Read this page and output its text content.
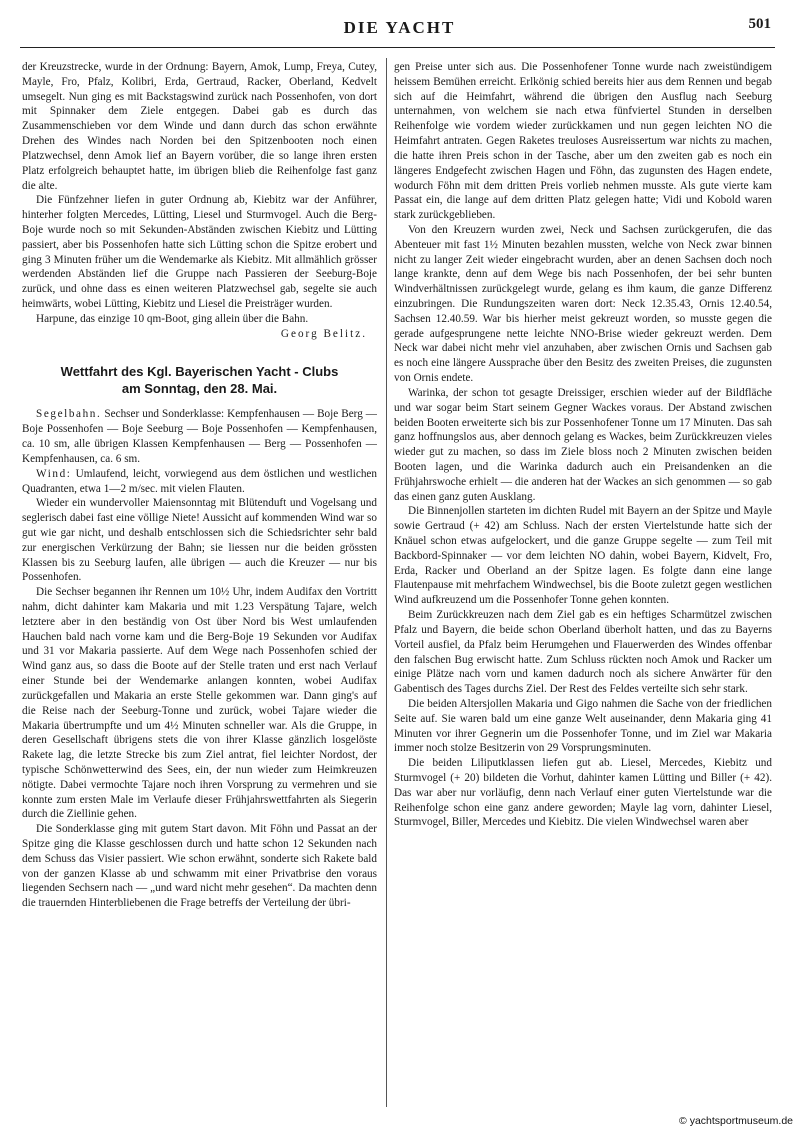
DIE YACHT	501

der Kreuzstrecke, wurde in der Ordnung: Bayern, Amok, Lump, Freya, Cutey, Mayle, Fro, Pfalz, Kolibri, Erda, Gertraud, Racker, Oberland, Kedvelt umsegelt. Nun ging es mit Backstagswind zurück nach Possenhofen, von dort mit Spinnaker dem Ziele entgegen. Dabei gab es durch das Zusammenschieben vor dem Winde und dann durch das schon erwähnte Drehen des Windes nach Norden bei den Spitzenbooten noch einen Platzwechsel, denn Amok lief an Bayern vorüber, die so lange ihren ersten Platz erfolgreich behauptet hatte, im übrigen blieb die Reihenfolge fast ganz die alte.

Die Fünfzehner liefen in guter Ordnung ab, Kiebitz war der Anführer, hinterher folgten Mercedes, Lütting, Liesel und Sturmvogel. Auch die Berg-Boje wurde noch so mit Sekunden-Abständen zwischen Kiebitz und Lütting passiert, aber bis Possenhofen hatte sich Lütting schon die Spitze erobert und ging 3 Minuten früher um die Wendemarke als Kiebitz. Mit allmählich grösser werdenden Abständen lief die Gruppe nach Passieren der Seeburg-Boje zurück, und ohne dass es einen weiteren Platzwechsel gab, segelte sie auch heimwärts, wobei Lütting, Kiebitz und Liesel die Preisträger wurden.

Harpune, das einzige 10 qm-Boot, ging allein über die Bahn.

Georg Belitz.
Wettfahrt des Kgl. Bayerischen Yacht - Clubs
am Sonntag, den 28. Mai.

Segelbahn. Sechser und Sonderklasse: Kempfenhausen — Boje Berg — Boje Possenhofen — Boje Seeburg — Boje Possenhofen — Kempfenhausen, ca. 10 sm, alle übrigen Klassen Kempfenhausen — Berg — Possenhofen — Kempfenhausen, ca. 6 sm.

Wind: Umlaufend, leicht, vorwiegend aus dem östlichen und westlichen Quadranten, etwa 1—2 m/sec. mit vielen Flauten.

Wieder ein wundervoller Maiensonntag mit Blütenduft und Vogelsang und seglerisch dabei fast eine völlige Niete! Aussicht auf kommenden Wind war so gut wie gar nicht, und deshalb entschlossen sich die Schiedsrichter sehr bald zur energischen Verkürzung der Bahn; sie liessen nur die beiden grössten Klassen bis zu Seeburg laufen, alle übrigen — auch die Kreuzer — nur bis Possenhofen.

Die Sechser begannen ihr Rennen um 10½ Uhr, indem Audifax den Vortritt nahm, dicht dahinter kam Makaria und mit 1.23 Verspätung Tajare, welch letztere aber in den beständig von Ost über Nord bis West umlaufenden Hauchen bald nach vorne kam und die Berg-Boje 19 Sekunden vor Audifax und 31 vor Makaria passierte. Auf dem Wege nach Possenhofen schied der Wind ganz aus, so dass die Boote auf der Stelle traten und erst nach Verlauf einer Stunde bei der Wendemarke anlangen konnten, wobei Audifax zurückgefallen und Makaria an erste Stelle gekommen war. Dann ging's auf die Reise nach der Seeburg-Tonne und zurück, wobei Tajare wieder die Makaria übertrumpfte und um 4½ Minuten schneller war. Als die Gruppe, in deren Gesellschaft übrigens stets die von ihrer Klasse gänzlich losgelöste Rakete lag, die letzte Strecke bis zum Ziel antrat, fiel leichter Nordost, der typische Schönwetterwind des Sees, ein, der nun wieder zum Heimkreuzen nötigte. Dabei vermochte Tajare noch ihren Vorsprung zu vermehren und sie konnte zum ersten Male im Verlaufe dieser Frühjahrswettfahrten als Siegerin durch die Ziellinie gehen.

Die Sonderklasse ging mit gutem Start davon. Mit Föhn und Passat an der Spitze ging die Klasse geschlossen durch und hatte schon 12 Sekunden nach dem Schuss das Visier passiert. Wie schon erwähnt, sonderte sich Rakete bald von der ganzen Klasse ab und schwamm mit einer Privatbrise den voraus liegenden Sechsern nach — „und ward nicht mehr gesehen“. Da machten denn die trauernden Hinterbliebenen die Frage betreffs der Verteilung der übri-

gen Preise unter sich aus. Die Possenhofener Tonne wurde nach zweistündigem heissem Bemühen erreicht. Erlkönig schied bereits hier aus dem Rennen und begab sich auf die Heimfahrt, während die übrigen den Ausflug nach Seeburg unternahmen, von welchem sie nach etwa fünfviertel Stunden in derselben Reihenfolge wie vordem wieder zurückkamen und nun gegen leichten NO die Heimfahrt antraten. Gegen Raketes treuloses Ausreissertum war nichts zu machen, die hatte ihren Preis schon in der Tasche, aber um den zweiten gab es noch ein längeres Endgefecht zwischen Hagen und Föhn, das zugunsten des Hagen endete, wodurch Föhn mit dem dritten Preis vorlieb nehmen musste. Als gute vierte kam Passat ein, die lange auf dem dritten Platz gelegen hatte; Vidi und Kobold waren stark zurückgeblieben.

Von den Kreuzern wurden zwei, Neck und Sachsen zurückgerufen, die das Abenteuer mit fast 1½ Minuten bezahlen mussten, welche von Neck zwar binnen nicht zu langer Zeit wieder eingebracht wurden, aber an denen Sachsen doch noch lange krankte, denn auf dem Wege bis nach Possenhofen, der bei sehr bunten Windverhältnissen zurückgelegt wurde, gelang es ihm kaum, die ganze Differenz einzubringen. Die Rundungszeiten waren dort: Neck 12.35.43, Ornis 12.40.54, Sachsen 12.40.59. War bis hierher meist gekreuzt worden, so musste gegen die gerade aufgesprungene nette leichte NNO-Brise wieder gekreuzt werden. Dem Neck war dabei nicht mehr viel anzuhaben, aber zwischen Ornis und Sachsen gab es noch eine längere Aussprache über den Besitz des zweiten Preises, die zugunsten von Ornis endete.

Warinka, der schon tot gesagte Dreissiger, erschien wieder auf der Bildfläche und war sogar beim Start seinem Gegner Wackes voraus. Der Abstand zwischen beiden Booten erweiterte sich bis zur Possenhofener Tonne um 17 Minuten. Das sah ganz hoffnungslos aus, aber dennoch gelang es Wackes, beim Zurückkreuzen vieles wieder gut zu machen, so dass im Ziele bloss noch 2 Minuten zwischen beiden Booten lagen, und die Warinka dadurch auch ein Preisandenken an die Frühjahrswoche erhielt — die anderen hat der Wackes an sich genommen — so gab das einen ganz guten Ausklang.

Die Binnenjollen starteten im dichten Rudel mit Bayern an der Spitze und Mayle sowie Gertraud (+ 42) am Schluss. Nach der ersten Viertelstunde hatte sich der Knäuel schon etwas aufgelockert, und die ganze Gruppe segelte — zum Teil mit Backbord-Spinnaker — vor dem leichten NO dahin, wobei Bayern, Kidvelt, Fro, Erda, Racker und Oberland an der Spitze lagen. Es folgte dann eine lange Flautenpause mit mehrfachem Windwechsel, bis die Boote zuletzt gegen westlichen Wind aufkreuzend um die Possenhofer Tonne gehen konnten.

Beim Zurückkreuzen nach dem Ziel gab es ein heftiges Scharmützel zwischen Pfalz und Bayern, die beide schon Oberland überholt hatten, und das zu Bayerns Vorteil ausfiel, da Pfalz beim Herumgehen und Flauerwerden des Windes offenbar den falschen Bug erwischt hatte. Zum Schluss rückten noch Amok und Racker um einige Plätze nach vorn und kamen dadurch noch als sichere Anwärter für den Gabentisch des Tages durchs Ziel. Der Rest des Feldes verteilte sich sehr stark.

Die beiden Altersjollen Makaria und Gigo nahmen die Sache von der friedlichen Seite auf. Sie waren bald um eine ganze Welt auseinander, denn Makaria ging 41 Minuten vor ihrer Gegnerin um die Possenhofer Tonne, und im Ziel war Makaria immer noch stolze Besitzerin von 29 Vorsprungsminuten.

Die beiden Liliputklassen liefen gut ab. Liesel, Mercedes, Kiebitz und Sturmvogel (+ 20) bildeten die Vorhut, dahinter kamen Lütting und Biller (+ 42). Das war aber nur vorläufig, denn nach Verlauf einer guten Viertelstunde war die Reihenfolge schon eine ganz andere geworden; Mayle lag vorn, dahinter Liesel, Sturmvogel, Biller, Mercedes und Kiebitz. Die vielen Windwechsel waren aber

© yachtsportmuseum.de
